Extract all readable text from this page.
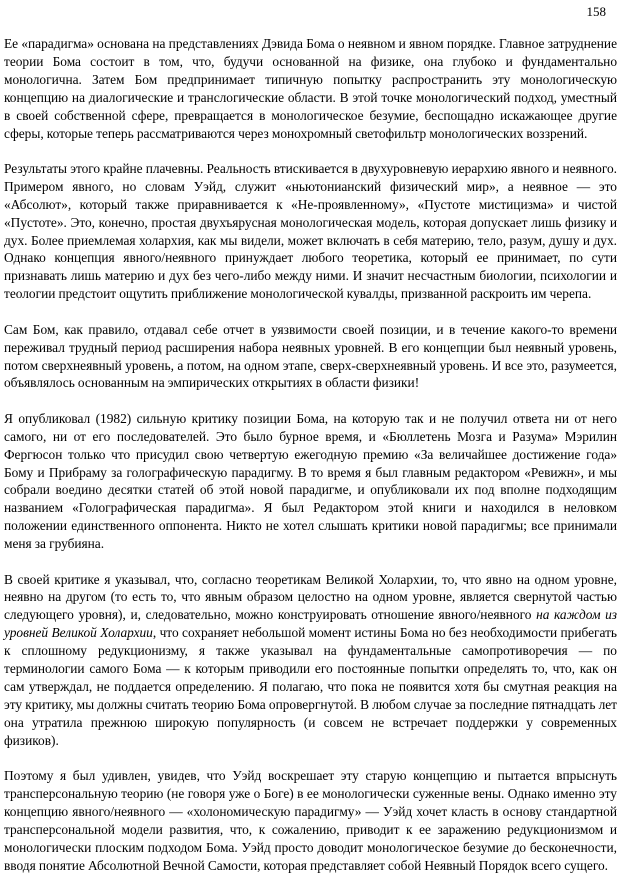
158

Ее «парадигма» основана на представлениях Дэвида Бома о неявном и явном порядке. Главное затруднение теории Бома состоит в том, что, будучи основанной на физике, она глубоко и фундаментально монологична. Затем Бом предпринимает типичную попытку распространить эту монологическую концепцию на диалогические и транслогические области. В этой точке монологический подход, уместный в своей собственной сфере, превращается в монологическое безумие, беспощадно искажающее другие сферы, которые теперь рассматриваются через монохромный светофильтр монологических воззрений.

Результаты этого крайне плачевны. Реальность втискивается в двухуровневую иерархию явного и неявного. Примером явного, но словам Уэйд, служит «ньютонианский физический мир», а неявное — это «Абсолют», который также приравнивается к «Не-проявленному», «Пустоте мистицизма» и чистой «Пустоте». Это, конечно, простая двухъярусная монологическая модель, которая допускает лишь физику и дух. Более приемлемая холархия, как мы видели, может включать в себя материю, тело, разум, душу и дух. Однако концепция явного/неявного принуждает любого теоретика, который ее принимает, по сути признавать лишь материю и дух без чего-либо между ними. И значит несчастным биологии, психологии и теологии предстоит ощутить приближение монологической кувалды, призванной раскроить им черепа.

Сам Бом, как правило, отдавал себе отчет в уязвимости своей позиции, и в течение какого-то времени переживал трудный период расширения набора неявных уровней. В его концепции был неявный уровень, потом сверхнеявный уровень, а потом, на одном этапе, сверх-сверхнеявный уровень. И все это, разумеется, объявлялось основанным на эмпирических открытиях в области физики!

Я опубликовал (1982) сильную критику позиции Бома, на которую так и не получил ответа ни от него самого, ни от его последователей. Это было бурное время, и «Бюллетень Мозга и Разума» Мэрилин Фергюсон только что присудил свою четвертую ежегодную премию «За величайшее достижение года» Бому и Прибраму за голографическую парадигму. В то время я был главным редактором «Ревижн», и мы собрали воедино десятки статей об этой новой парадигме, и опубликовали их под вполне подходящим названием «Голографическая парадигма». Я был Редактором этой книги и находился в неловком положении единственного оппонента. Никто не хотел слышать критики новой парадигмы; все принимали меня за грубияна.

В своей критике я указывал, что, согласно теоретикам Великой Холархии, то, что явно на одном уровне, неявно на другом (то есть то, что явным образом целостно на одном уровне, является свернутой частью следующего уровня), и, следовательно, можно конструировать отношение явного/неявного на каждом из уровней Великой Холархии, что сохраняет небольшой момент истины Бома но без необходимости прибегать к сплошному редукционизму, я также указывал на фундаментальные самопротиворечия — по терминологии самого Бома — к которым приводили его постоянные попытки определять то, что, как он сам утверждал, не поддается определению. Я полагаю, что пока не появится хотя бы смутная реакция на эту критику, мы должны считать теорию Бома опровергнутой. В любом случае за последние пятнадцать лет она утратила прежнюю широкую популярность (и совсем не встречает поддержки у современных физиков).

Поэтому я был удивлен, увидев, что Уэйд воскрешает эту старую концепцию и пытается впрыснуть трансперсональную теорию (не говоря уже о Боге) в ее монологически суженные вены. Однако именно эту концепцию явного/неявного — «холономическую парадигму» — Уэйд хочет класть в основу стандартной трансперсональной модели развития, что, к сожалению, приводит к ее заражению редукционизмом и монологически плоским подходом Бома. Уэйд просто доводит монологическое безумие до бесконечности, вводя понятие Абсолютной Вечной Самости, которая представляет собой Неявный Порядок всего сущего.
